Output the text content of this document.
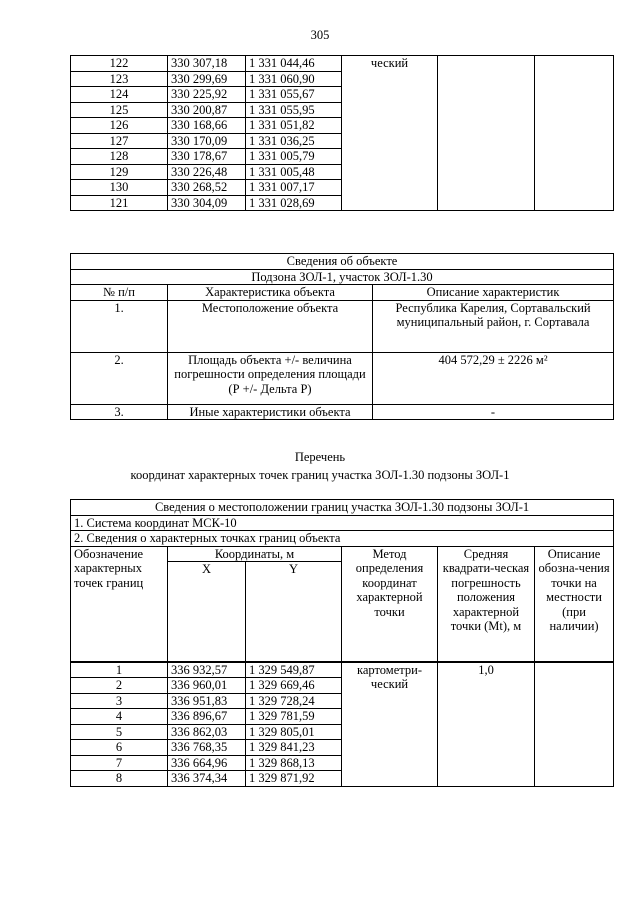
305
122	330 307,18	1 331 044,46	ческий		
123	330 299,69	1 331 060,90			
124	330 225,92	1 331 055,67			
125	330 200,87	1 331 055,95			
126	330 168,66	1 331 051,82			
127	330 170,09	1 331 036,25			
128	330 178,67	1 331 005,79			
129	330 226,48	1 331 005,48			
130	330 268,52	1 331 007,17			
121	330 304,09	1 331 028,69			
Сведения об объекте		
Подзона ЗОЛ-1, участок ЗОЛ-1.30		
№ п/п	Характеристика объекта	Описание характеристик
1.	Местоположение объекта	Республика Карелия, Сортавальский муниципальный район, г. Сортавала
2.	Площадь объекта +/- величина погрешности определения площади (Р +/- Дельта Р)	404 572,29 ± 2226 м²
3.	Иные характеристики объекта	-
Перечень
координат характерных точек границ участка ЗОЛ-1.30 подзоны ЗОЛ-1
Сведения о местоположении границ участка ЗОЛ-1.30 подзоны ЗОЛ-1					
1. Система координат МСК-10					
2. Сведения о характерных точках границ объекта					
Обозначение характерных точек границ	Координаты, м		Метод определения координат характерной точки	Средняя квадрати-ческая погрешность положения характерной точки (Mt), м	Описание обозна-чения точки на местности (при наличии)
	X	Y			
1	336 932,57	1 329 549,87	картометри-ческий	1,0	
2	336 960,01	1 329 669,46			
3	336 951,83	1 329 728,24			
4	336 896,67	1 329 781,59			
5	336 862,03	1 329 805,01			
6	336 768,35	1 329 841,23			
7	336 664,96	1 329 868,13			
8	336 374,34	1 329 871,92			
